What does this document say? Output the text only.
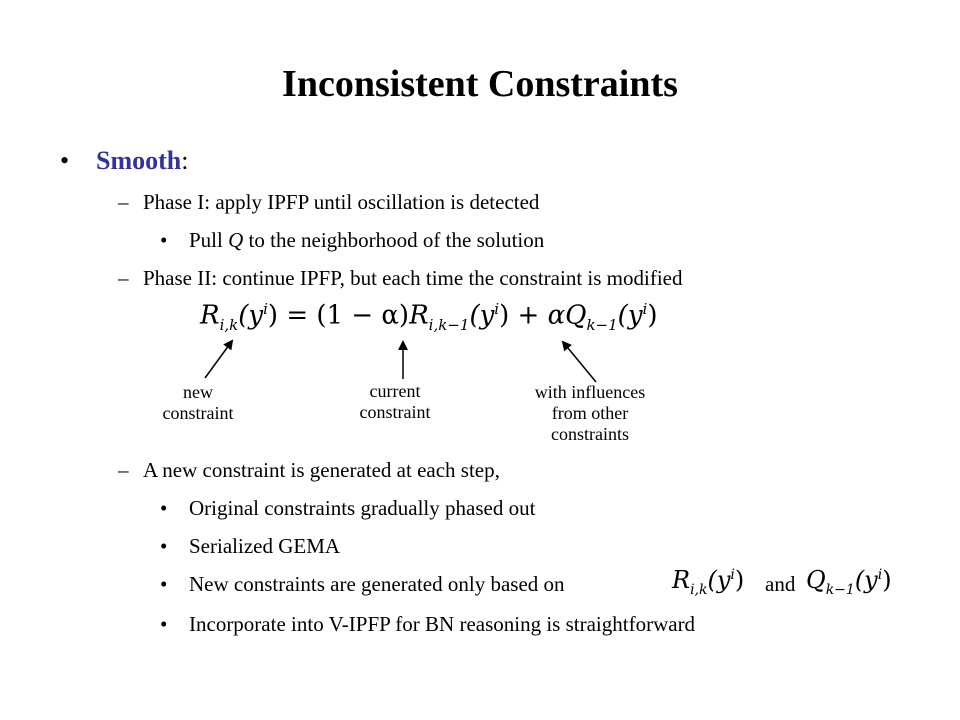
Inconsistent Constraints
• Smooth:
– Phase I: apply IPFP until oscillation is detected
• Pull Q to the neighborhood of the solution
– Phase II: continue IPFP, but each time the constraint is modified
$R_{i,k}(y^i) = (1 - \alpha)R_{i,k-1}(y^i) + \alpha Q_{k-1}(y^i)$
new
constraint
current
constraint
with influences
from other
constraints
– A new constraint is generated at each step,
• Original constraints gradually phased out
• Serialized GEMA
• New constraints are generated only based on	$R_{i,k}(y^i)$ and $Q_{k-1}(y^i)$
• Incorporate into V-IPFP for BN reasoning is straightforward
